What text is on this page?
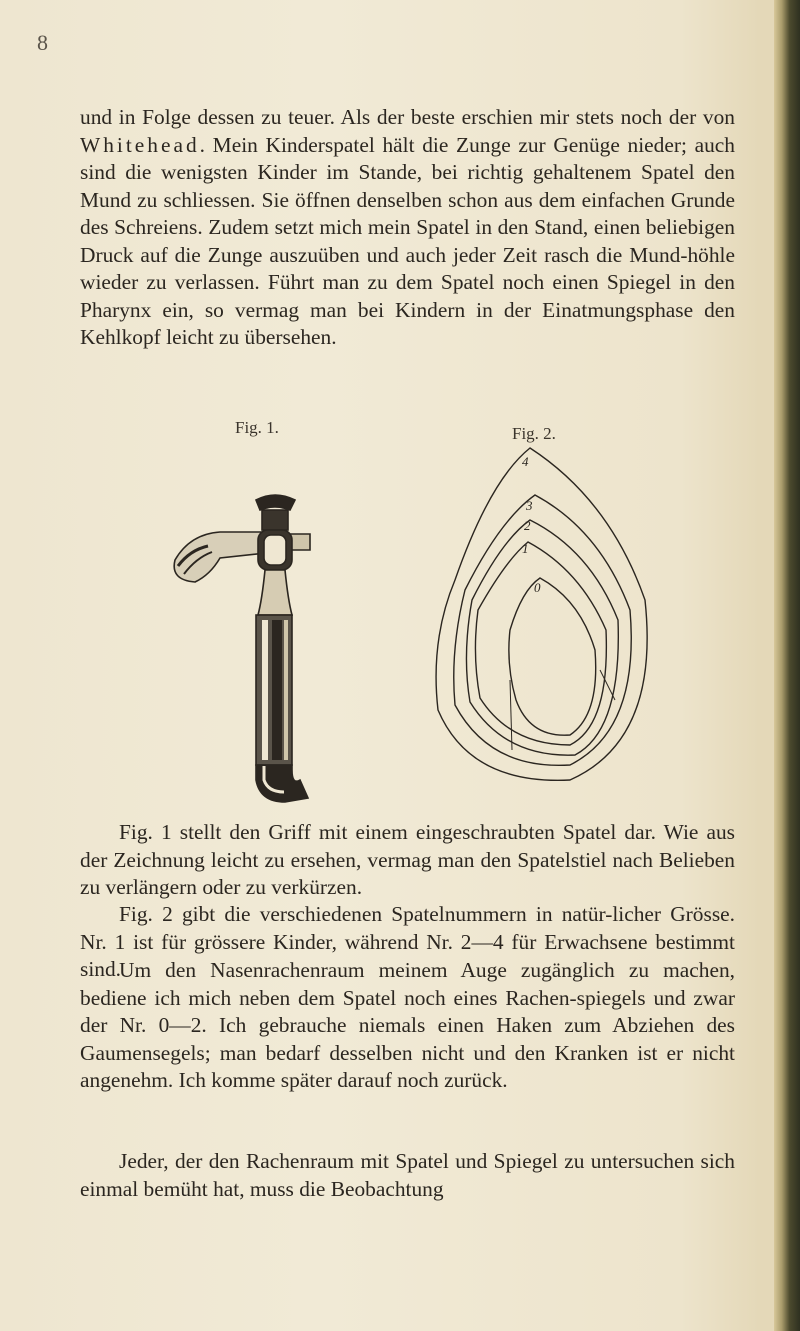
8

und in Folge dessen zu teuer. Als der beste erschien mir stets noch der von Whitehead. Mein Kinderspatel hält die Zunge zur Genüge nieder; auch sind die wenigsten Kinder im Stande, bei richtig gehaltenem Spatel den Mund zu schliessen. Sie öffnen denselben schon aus dem einfachen Grunde des Schreiens. Zudem setzt mich mein Spatel in den Stand, einen beliebigen Druck auf die Zunge auszuüben und auch jeder Zeit rasch die Mund-höhle wieder zu verlassen. Führt man zu dem Spatel noch einen Spiegel in den Pharynx ein, so vermag man bei Kindern in der Einatmungsphase den Kehlkopf leicht zu übersehen.

Fig. 1.	Fig. 2.
4
3
2
1
0

Fig. 1 stellt den Griff mit einem eingeschraubten Spatel dar. Wie aus der Zeichnung leicht zu ersehen, vermag man den Spatelstiel nach Belieben zu verlängern oder zu verkürzen.

Fig. 2 gibt die verschiedenen Spatelnummern in natür-licher Grösse. Nr. 1 ist für grössere Kinder, während Nr. 2—4 für Erwachsene bestimmt sind.

Um den Nasenrachenraum meinem Auge zugänglich zu machen, bediene ich mich neben dem Spatel noch eines Rachen-spiegels und zwar der Nr. 0—2. Ich gebrauche niemals einen Haken zum Abziehen des Gaumensegels; man bedarf desselben nicht und den Kranken ist er nicht angenehm. Ich komme später darauf noch zurück.

Jeder, der den Rachenraum mit Spatel und Spiegel zu untersuchen sich einmal bemüht hat, muss die Beobachtung
